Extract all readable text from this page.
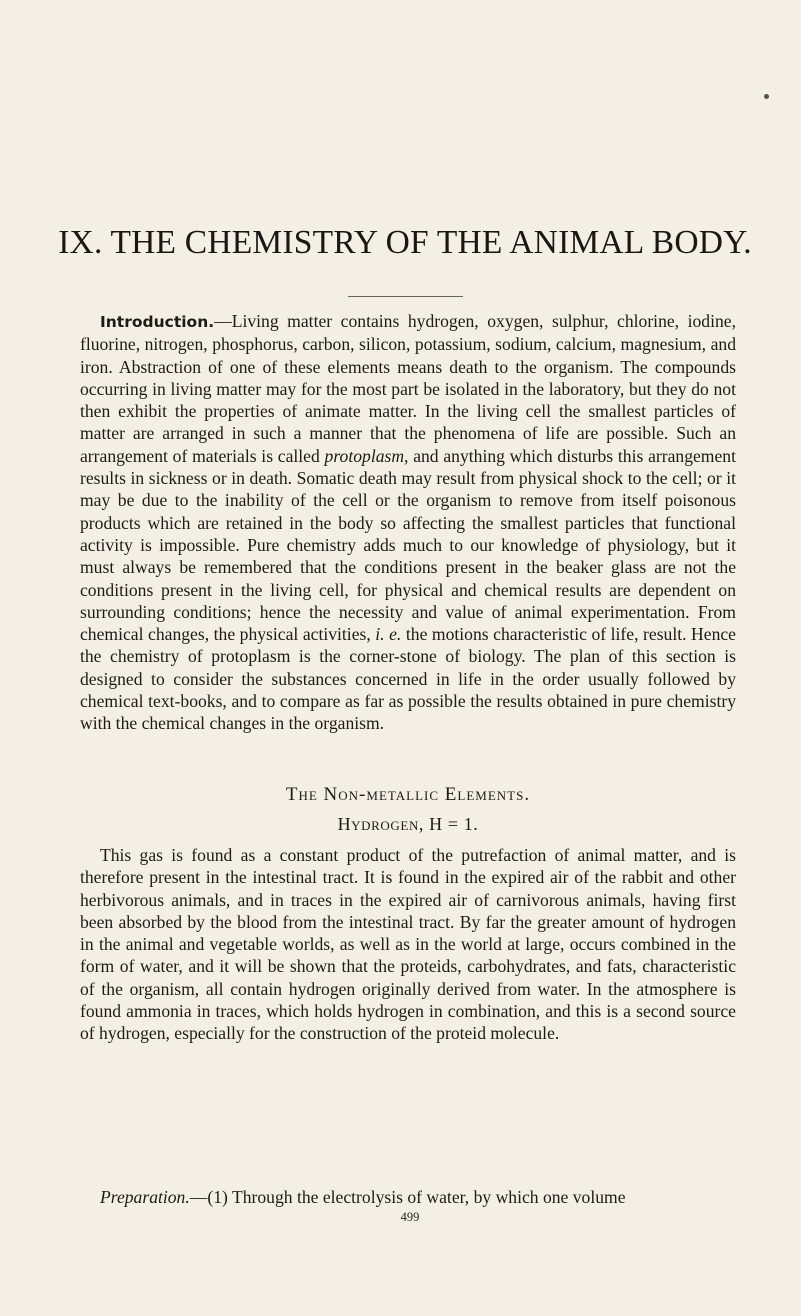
IX. THE CHEMISTRY OF THE ANIMAL BODY.

Introduction.—Living matter contains hydrogen, oxygen, sulphur, chlorine, iodine, fluorine, nitrogen, phosphorus, carbon, silicon, potassium, sodium, calcium, magnesium, and iron. Abstraction of one of these elements means death to the organism. The compounds occurring in living matter may for the most part be isolated in the laboratory, but they do not then exhibit the properties of animate matter. In the living cell the smallest particles of matter are arranged in such a manner that the phenomena of life are possible. Such an arrangement of materials is called protoplasm, and anything which disturbs this arrangement results in sickness or in death. Somatic death may result from physical shock to the cell; or it may be due to the inability of the cell or the organism to remove from itself poisonous products which are retained in the body so affecting the smallest particles that functional activity is impossible. Pure chemistry adds much to our knowledge of physiology, but it must always be remembered that the conditions present in the beaker glass are not the conditions present in the living cell, for physical and chemical results are dependent on surrounding conditions; hence the necessity and value of animal experimentation. From chemical changes, the physical activities, i. e. the motions characteristic of life, result. Hence the chemistry of protoplasm is the corner-stone of biology. The plan of this section is designed to consider the substances concerned in life in the order usually followed by chemical text-books, and to compare as far as possible the results obtained in pure chemistry with the chemical changes in the organism.

The Non-metallic Elements.
Hydrogen, H = 1.

This gas is found as a constant product of the putrefaction of animal matter, and is therefore present in the intestinal tract. It is found in the expired air of the rabbit and other herbivorous animals, and in traces in the expired air of carnivorous animals, having first been absorbed by the blood from the intestinal tract. By far the greater amount of hydrogen in the animal and vegetable worlds, as well as in the world at large, occurs combined in the form of water, and it will be shown that the proteids, carbohydrates, and fats, characteristic of the organism, all contain hydrogen originally derived from water. In the atmosphere is found ammonia in traces, which holds hydrogen in combination, and this is a second source of hydrogen, especially for the construction of the proteid molecule.

Preparation.—(1) Through the electrolysis of water, by which one volume

499
